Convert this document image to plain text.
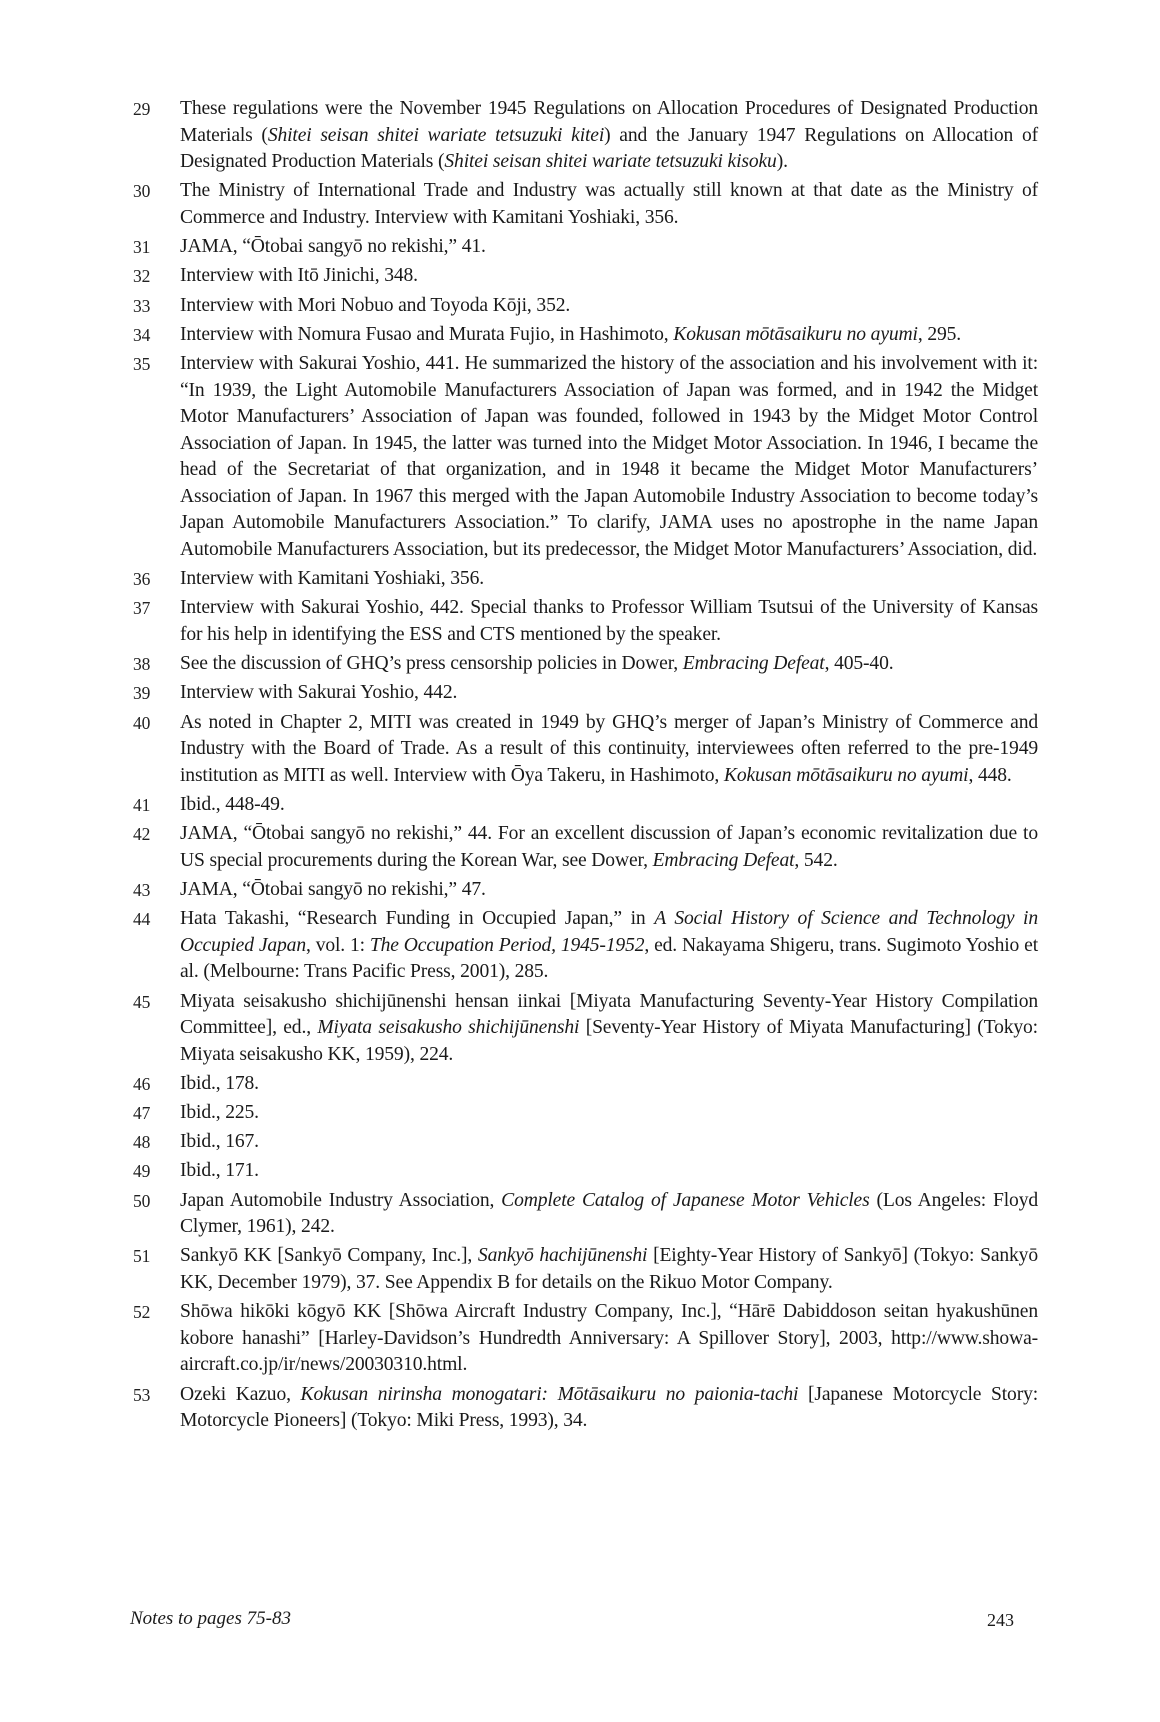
29	These regulations were the November 1945 Regulations on Allocation Procedures of Designated Production Materials (Shitei seisan shitei wariate tetsuzuki kitei) and the January 1947 Regulations on Allocation of Designated Production Materials (Shitei seisan shitei wariate tetsuzuki kisoku).
30	The Ministry of International Trade and Industry was actually still known at that date as the Ministry of Commerce and Industry. Interview with Kamitani Yoshiaki, 356.
31	JAMA, “Ōtobai sangyō no rekishi,” 41.
32	Interview with Itō Jinichi, 348.
33	Interview with Mori Nobuo and Toyoda Kōji, 352.
34	Interview with Nomura Fusao and Murata Fujio, in Hashimoto, Kokusan mōtāsaikuru no ayumi, 295.
35	Interview with Sakurai Yoshio, 441. He summarized the history of the association and his involvement with it: “In 1939, the Light Automobile Manufacturers Association of Japan was formed, and in 1942 the Midget Motor Manufacturers’ Association of Japan was founded, followed in 1943 by the Midget Motor Control Association of Japan. In 1945, the latter was turned into the Midget Motor Association. In 1946, I became the head of the Secretariat of that organization, and in 1948 it became the Midget Motor Manufacturers’ Association of Japan. In 1967 this merged with the Japan Automobile Industry Association to become today’s Japan Automobile Manufacturers Association.” To clarify, JAMA uses no apostrophe in the name Japan Automobile Manufacturers Association, but its predecessor, the Midget Motor Manufacturers’ Association, did.
36	Interview with Kamitani Yoshiaki, 356.
37	Interview with Sakurai Yoshio, 442. Special thanks to Professor William Tsutsui of the University of Kansas for his help in identifying the ESS and CTS mentioned by the speaker.
38	See the discussion of GHQ’s press censorship policies in Dower, Embracing Defeat, 405-40.
39	Interview with Sakurai Yoshio, 442.
40	As noted in Chapter 2, MITI was created in 1949 by GHQ’s merger of Japan’s Ministry of Commerce and Industry with the Board of Trade. As a result of this continuity, interviewees often referred to the pre-1949 institution as MITI as well. Interview with Ōya Takeru, in Hashimoto, Kokusan mōtāsaikuru no ayumi, 448.
41	Ibid., 448-49.
42	JAMA, “Ōtobai sangyō no rekishi,” 44. For an excellent discussion of Japan’s economic revitalization due to US special procurements during the Korean War, see Dower, Embracing Defeat, 542.
43	JAMA, “Ōtobai sangyō no rekishi,” 47.
44	Hata Takashi, “Research Funding in Occupied Japan,” in A Social History of Science and Technology in Occupied Japan, vol. 1: The Occupation Period, 1945-1952, ed. Nakayama Shigeru, trans. Sugimoto Yoshio et al. (Melbourne: Trans Pacific Press, 2001), 285.
45	Miyata seisakusho shichijūnenshi hensan iinkai [Miyata Manufacturing Seventy-Year History Compilation Committee], ed., Miyata seisakusho shichijūnenshi [Seventy-Year History of Miyata Manufacturing] (Tokyo: Miyata seisakusho KK, 1959), 224.
46	Ibid., 178.
47	Ibid., 225.
48	Ibid., 167.
49	Ibid., 171.
50	Japan Automobile Industry Association, Complete Catalog of Japanese Motor Vehicles (Los Angeles: Floyd Clymer, 1961), 242.
51	Sankyō KK [Sankyō Company, Inc.], Sankyō hachijūnenshi [Eighty-Year History of Sankyō] (Tokyo: Sankyō KK, December 1979), 37. See Appendix B for details on the Rikuo Motor Company.
52	Shōwa hikōki kōgyō KK [Shōwa Aircraft Industry Company, Inc.], “Hārē Dabiddoson seitan hyakushūnen kobore hanashi” [Harley-Davidson’s Hundredth Anniversary: A Spillover Story], 2003, http://www.showa-aircraft.co.jp/ir/news/20030310.html.
53	Ozeki Kazuo, Kokusan nirinsha monogatari: Mōtāsaikuru no paionia-tachi [Japanese Motorcycle Story: Motorcycle Pioneers] (Tokyo: Miki Press, 1993), 34.
Notes to pages 75-83	243
